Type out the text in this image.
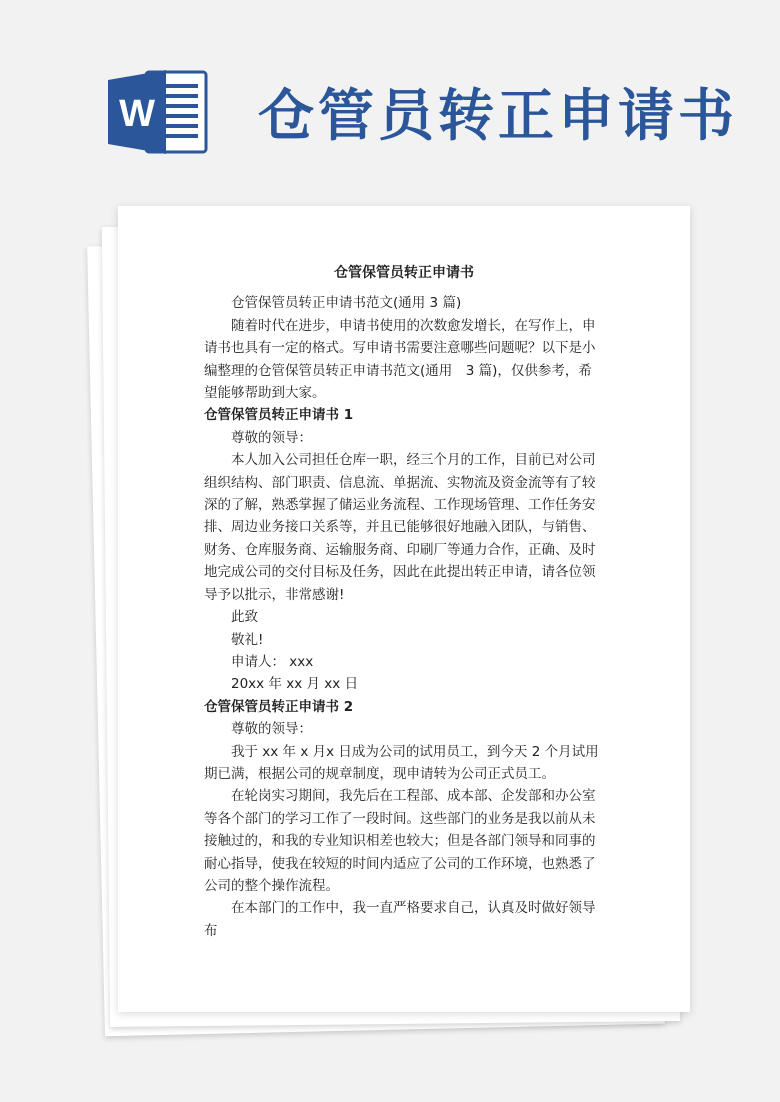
W 仓管员转正申请书
仓管保管员转正申请书

仓管保管员转正申请书范文(通用 3 篇)

随着时代在进步，申请书使用的次数愈发增长，在写作上，申请书也具有一定的格式。写申请书需要注意哪些问题呢？以下是小编整理的仓管保管员转正申请书范文(通用　3 篇)，仅供参考，希望能够帮助到大家。

仓管保管员转正申请书 1

尊敬的领导：

本人加入公司担任仓库一职，经三个月的工作，目前已对公司组织结构、部门职责、信息流、单据流、实物流及资金流等有了较深的了解，熟悉掌握了储运业务流程、工作现场管理、工作任务安排、周边业务接口关系等，并且已能够很好地融入团队，与销售、财务、仓库服务商、运输服务商、印刷厂等通力合作，正确、及时地完成公司的交付目标及任务，因此在此提出转正申请，请各位领导予以批示，非常感谢!

此致

敬礼!

申请人： xxx

20xx 年 xx 月 xx 日

仓管保管员转正申请书 2

尊敬的领导：

我于 xx 年 x 月x 日成为公司的试用员工，到今天 2 个月试用期已满，根据公司的规章制度，现申请转为公司正式员工。

在轮岗实习期间，我先后在工程部、成本部、企发部和办公室等各个部门的学习工作了一段时间。这些部门的业务是我以前从未接触过的，和我的专业知识相差也较大；但是各部门领导和同事的耐心指导，使我在较短的时间内适应了公司的工作环境，也熟悉了公司的整个操作流程。

在本部门的工作中，我一直严格要求自己，认真及时做好领导布
